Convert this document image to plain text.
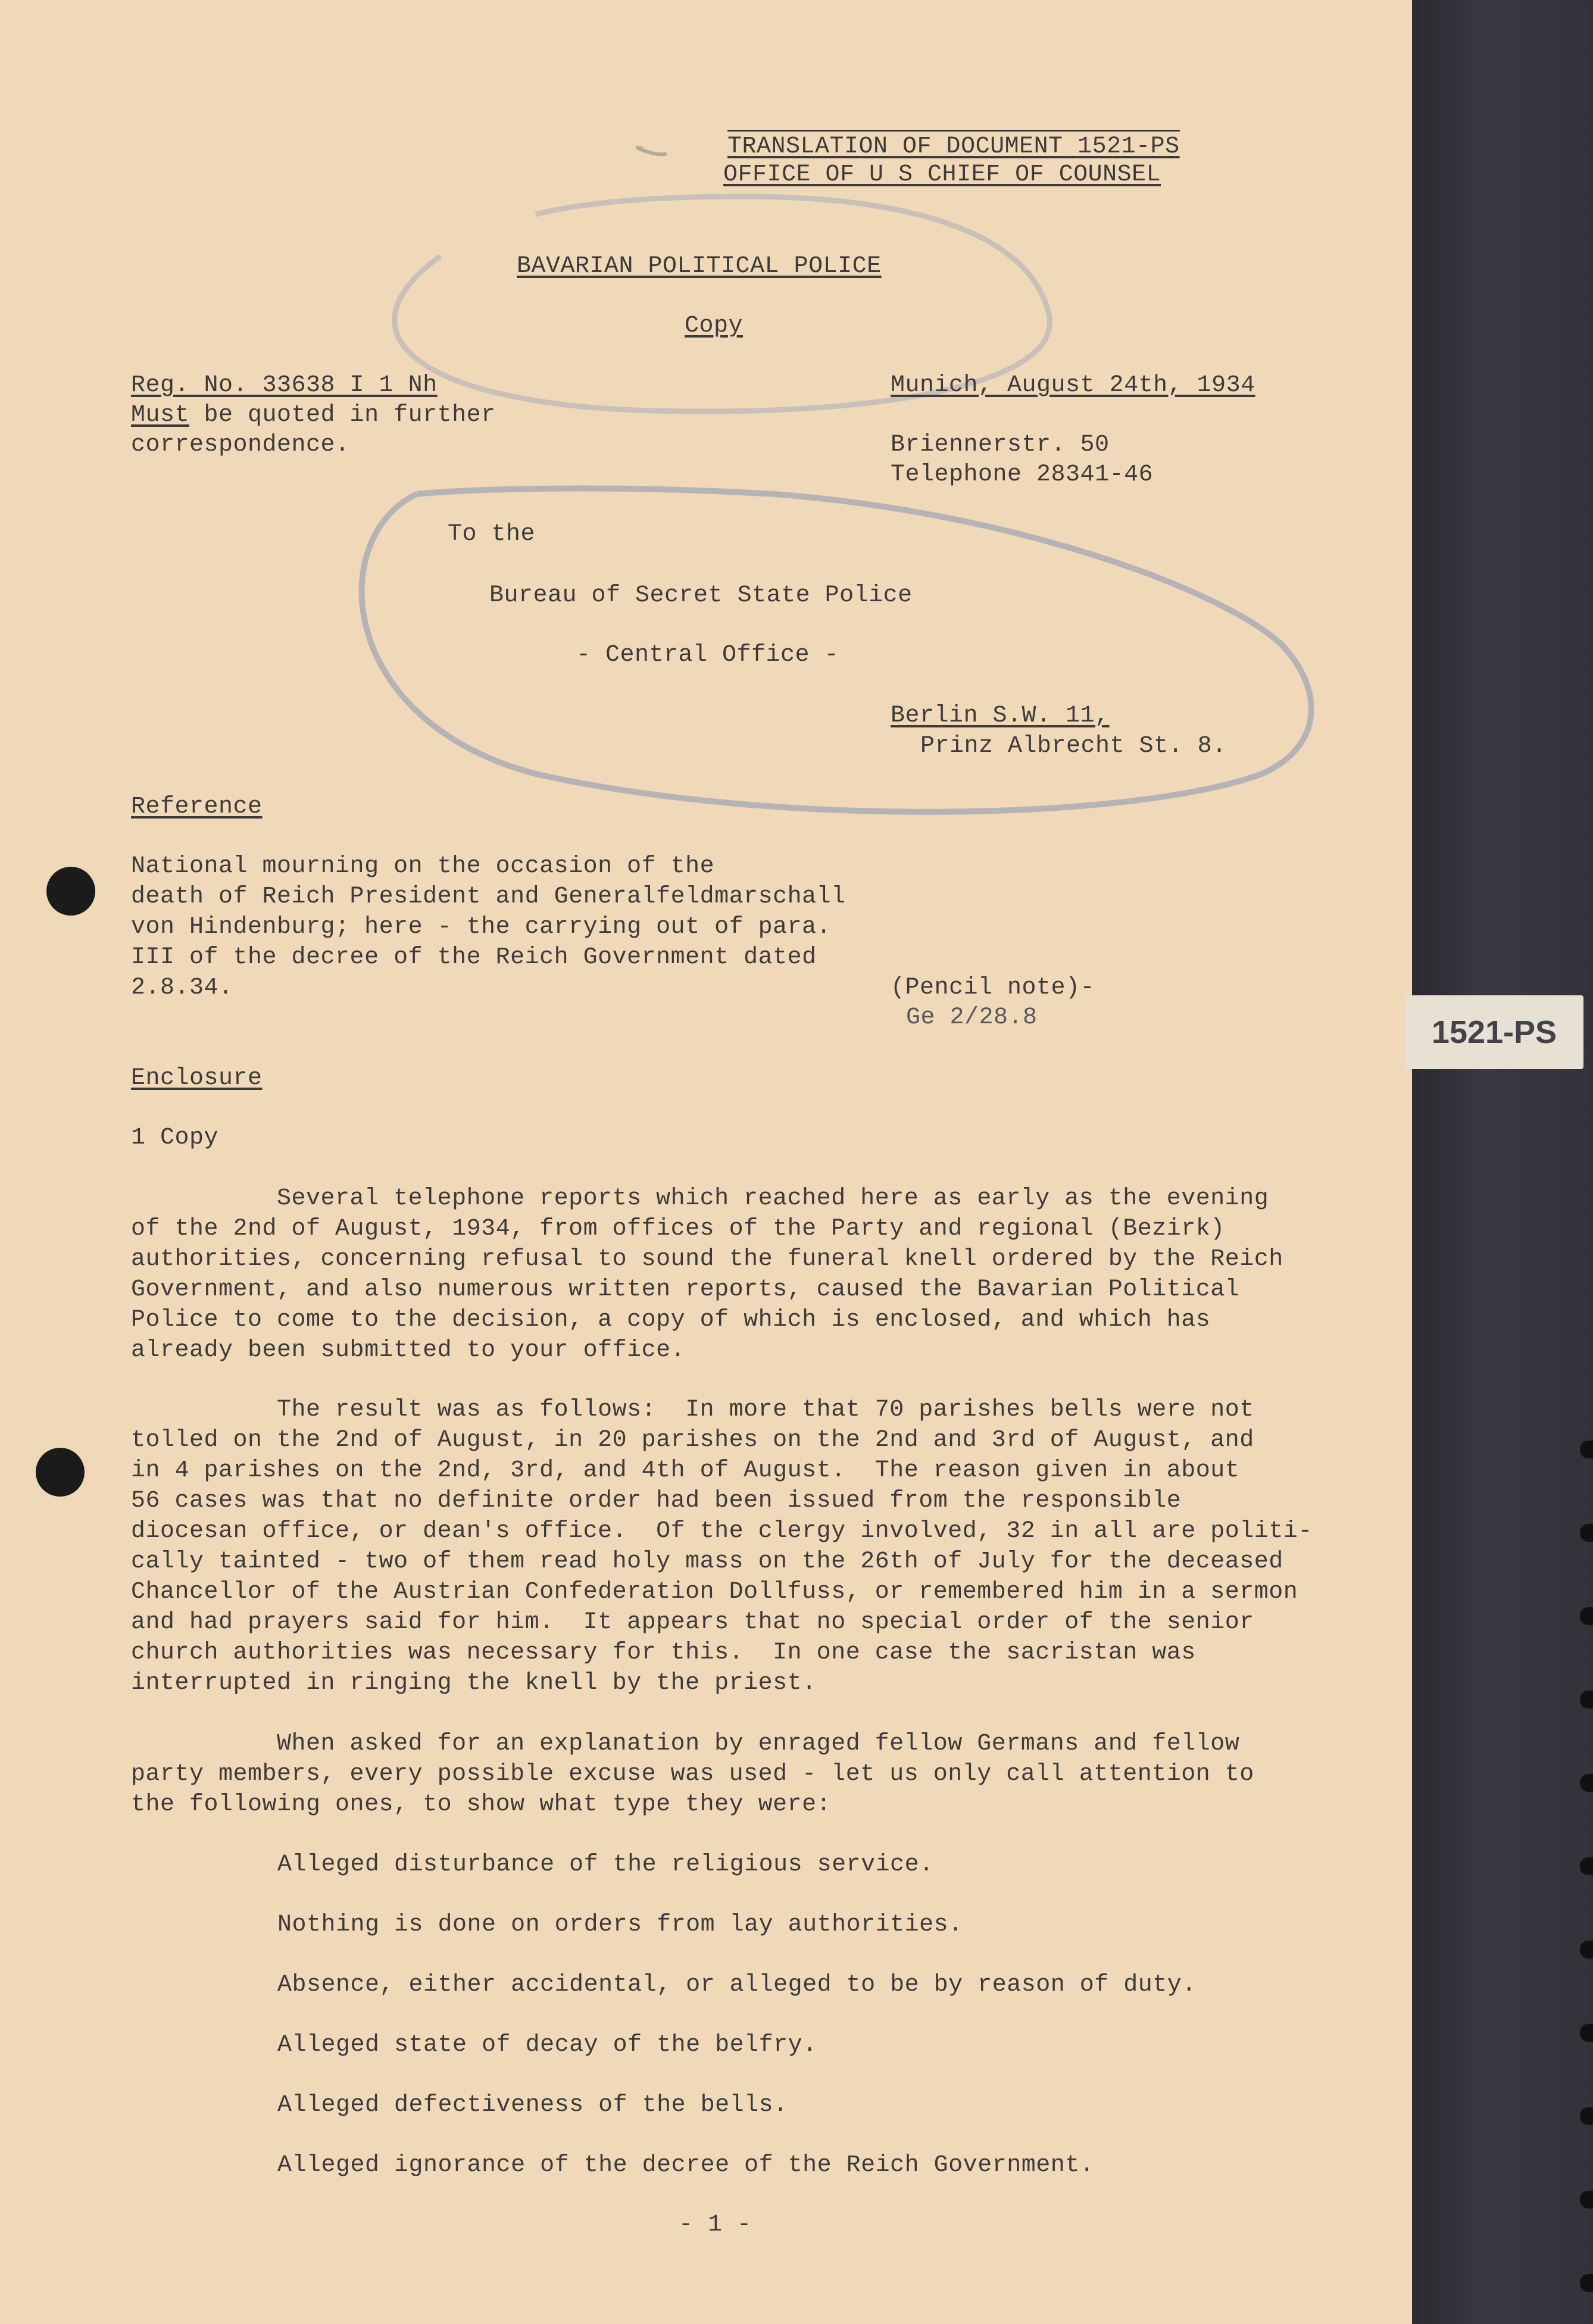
TRANSLATION OF DOCUMENT 1521-PS
OFFICE OF U S CHIEF OF COUNSEL
BAVARIAN POLITICAL POLICE
Copy
Reg. No. 33638 I 1 Nh
Must be quoted in further
correspondence.
Munich, August 24th, 1934
Briennerstr. 50
Telephone 28341-46
To the
Bureau of Secret State Police
- Central Office -
Berlin S.W. 11,
Prinz Albrecht St. 8.
Reference
National mourning on the occasion of the
death of Reich President and Generalfeldmarschall
von Hindenburg; here - the carrying out of para.
III of the decree of the Reich Government dated
2.8.34.	(Pencil note)-
Ge 2/28.8
Enclosure
1 Copy
Several telephone reports which reached here as early as the evening
of the 2nd of August, 1934, from offices of the Party and regional (Bezirk)
authorities, concerning refusal to sound the funeral knell ordered by the Reich
Government, and also numerous written reports, caused the Bavarian Political
Police to come to the decision, a copy of which is enclosed, and which has
already been submitted to your office.
The result was as follows:  In more that 70 parishes bells were not
tolled on the 2nd of August, in 20 parishes on the 2nd and 3rd of August, and
in 4 parishes on the 2nd, 3rd, and 4th of August.  The reason given in about
56 cases was that no definite order had been issued from the responsible
diocesan office, or dean's office.  Of the clergy involved, 32 in all are politi-
cally tainted - two of them read holy mass on the 26th of July for the deceased
Chancellor of the Austrian Confederation Dollfuss, or remembered him in a sermon
and had prayers said for him.  It appears that no special order of the senior
church authorities was necessary for this.  In one case the sacristan was
interrupted in ringing the knell by the priest.
When asked for an explanation by enraged fellow Germans and fellow
party members, every possible excuse was used - let us only call attention to
the following ones, to show what type they were:
Alleged disturbance of the religious service.
Nothing is done on orders from lay authorities.
Absence, either accidental, or alleged to be by reason of duty.
Alleged state of decay of the belfry.
Alleged defectiveness of the bells.
Alleged ignorance of the decree of the Reich Government.
- 1 -
1521-PS
